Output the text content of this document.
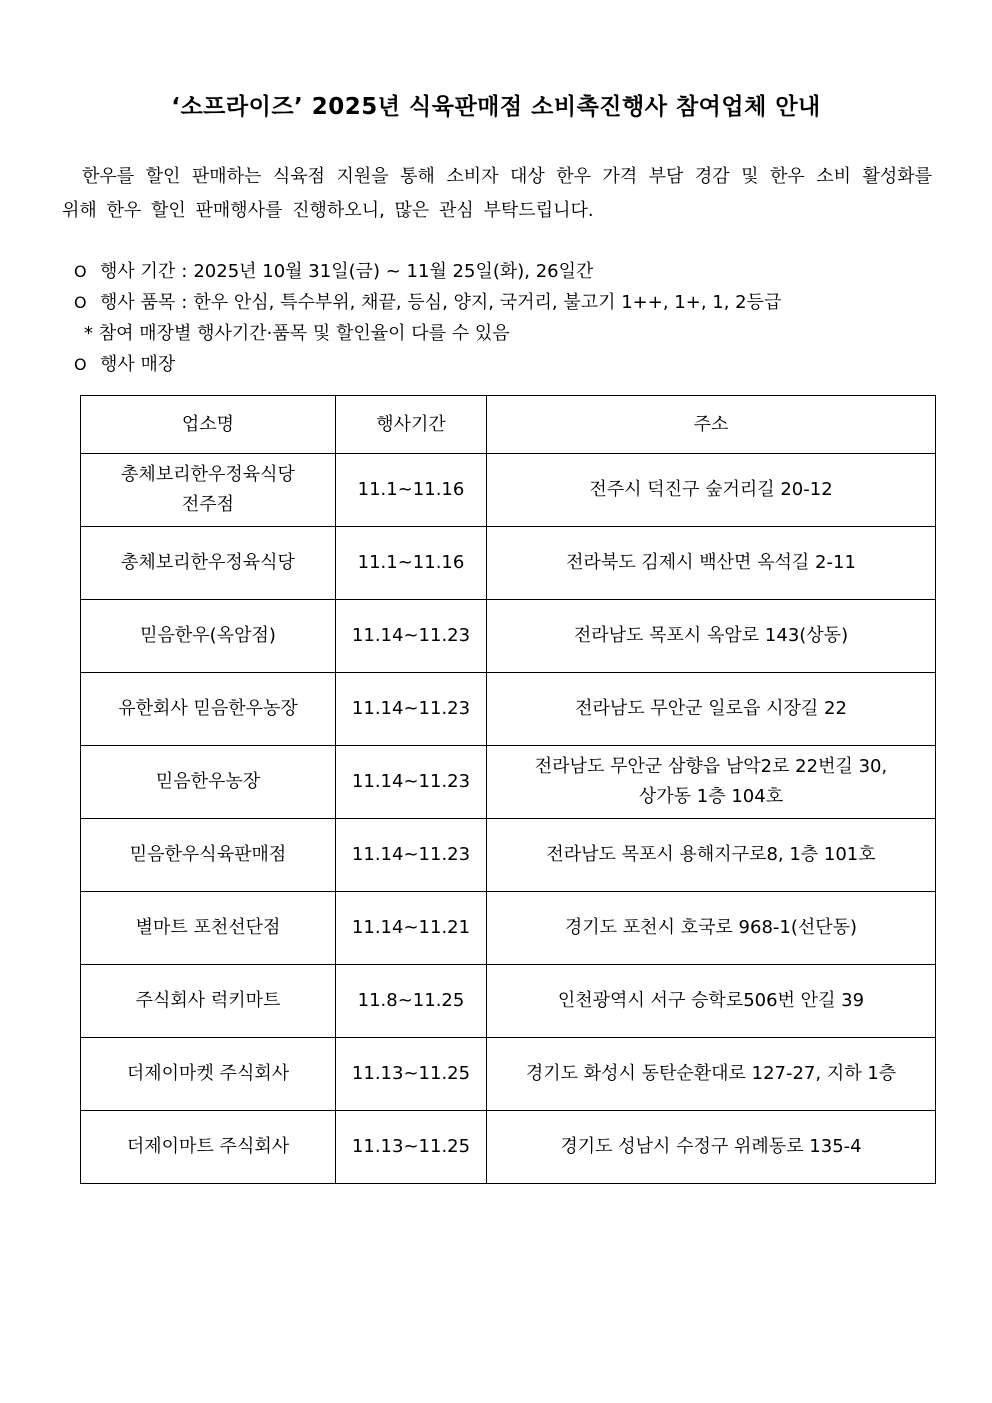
‘소프라이즈’ 2025년 식육판매점 소비촉진행사 참여업체 안내
한우를 할인 판매하는 식육점 지원을 통해 소비자 대상 한우 가격 부담 경감 및 한우 소비 활성화를 위해 한우 할인 판매행사를 진행하오니, 많은 관심 부탁드립니다.
O 행사 기간 : 2025년 10월 31일(금) ~ 11월 25일(화), 26일간
O 행사 품목 : 한우 안심, 특수부위, 채끝, 등심, 양지, 국거리, 불고기 1++, 1+, 1, 2등급
* 참여 매장별 행사기간·품목 및 할인율이 다를 수 있음
O 행사 매장
업소명	행사기간	주소
총체보리한우정육식당
전주점	11.1~11.16	전주시 덕진구 숲거리길 20-12
총체보리한우정육식당	11.1~11.16	전라북도 김제시 백산면 옥석길 2-11
믿음한우(옥암점)	11.14~11.23	전라남도 목포시 옥암로 143(상동)
유한회사 믿음한우농장	11.14~11.23	전라남도 무안군 일로읍 시장길 22
믿음한우농장	11.14~11.23	전라남도 무안군 삼향읍 남악2로 22번길 30,
상가동 1층 104호
믿음한우식육판매점	11.14~11.23	전라남도 목포시 용해지구로8, 1층 101호
별마트 포천선단점	11.14~11.21	경기도 포천시 호국로 968-1(선단동)
주식회사 럭키마트	11.8~11.25	인천광역시 서구 승학로506번 안길 39
더제이마켓 주식회사	11.13~11.25	경기도 화성시 동탄순환대로 127-27, 지하 1층
더제이마트 주식회사	11.13~11.25	경기도 성남시 수정구 위례동로 135-4
